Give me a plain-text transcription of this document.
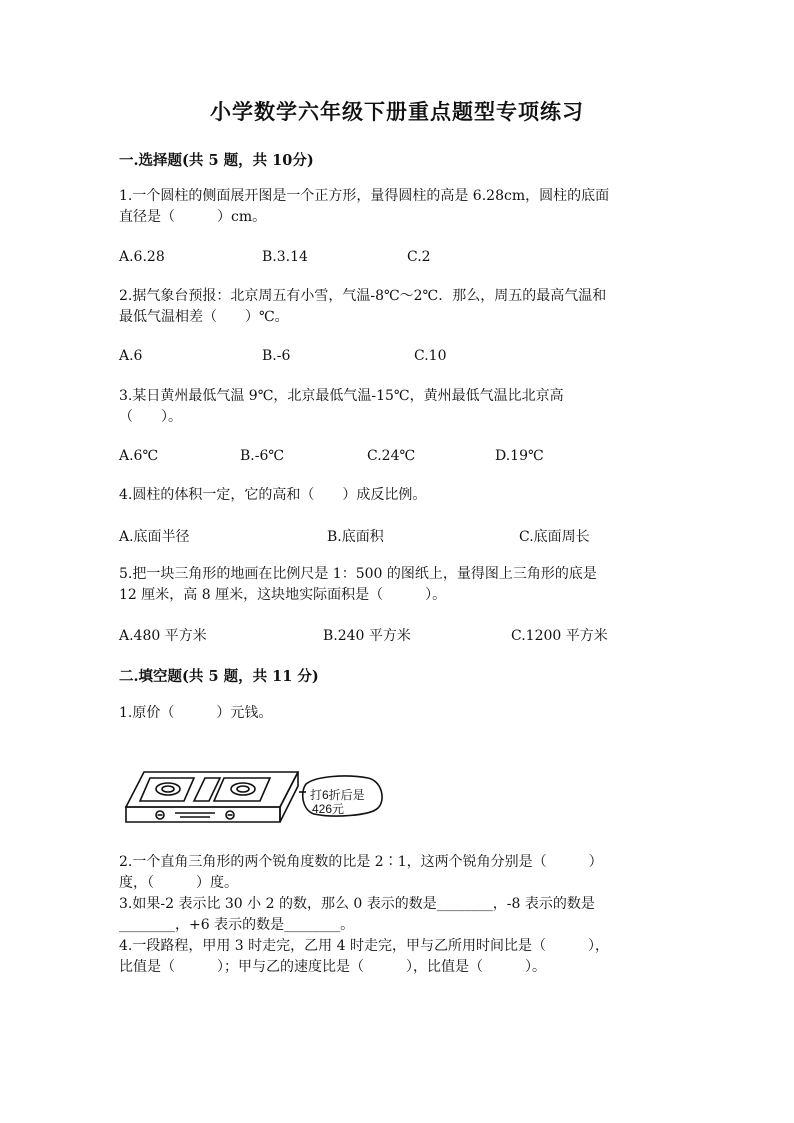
小学数学六年级下册重点题型专项练习
一.选择题(共 5 题，共 10分)
1.一个圆柱的侧面展开图是一个正方形，量得圆柱的高是 6.28cm，圆柱的底面
直径是（　　　）cm。
A.6.28	B.3.14	C.2
2.据气象台预报：北京周五有小雪，气温-8℃～2℃．那么，周五的最高气温和
最低气温相差（　　）℃。
A.6	B.-6	C.10
3.某日黄州最低气温 9℃，北京最低气温-15℃，黄州最低气温比北京高
（　　）。
A.6℃	B.-6℃	C.24℃	D.19℃
4.圆柱的体积一定，它的高和（　　）成反比例。
A.底面半径	B.底面积	C.底面周长
5.把一块三角形的地画在比例尺是 1：500 的图纸上，量得图上三角形的底是
12 厘米，高 8 厘米，这块地实际面积是（　　　）。
A.480 平方米	B.240 平方米	C.1200 平方米
二.填空题(共 5 题，共 11 分)
1.原价（　　　）元钱。
打6折后是
426元
2.一个直角三角形的两个锐角度数的比是 2∶1，这两个锐角分别是（　　　）
度，（　　　）度。
3.如果-2 表示比 30 小 2 的数，那么 0 表示的数是________，-8 表示的数是
________，+6 表示的数是________。
4.一段路程，甲用 3 时走完，乙用 4 时走完，甲与乙所用时间比是（　　　），
比值是（　　　）；甲与乙的速度比是（　　　），比值是（　　　）。
